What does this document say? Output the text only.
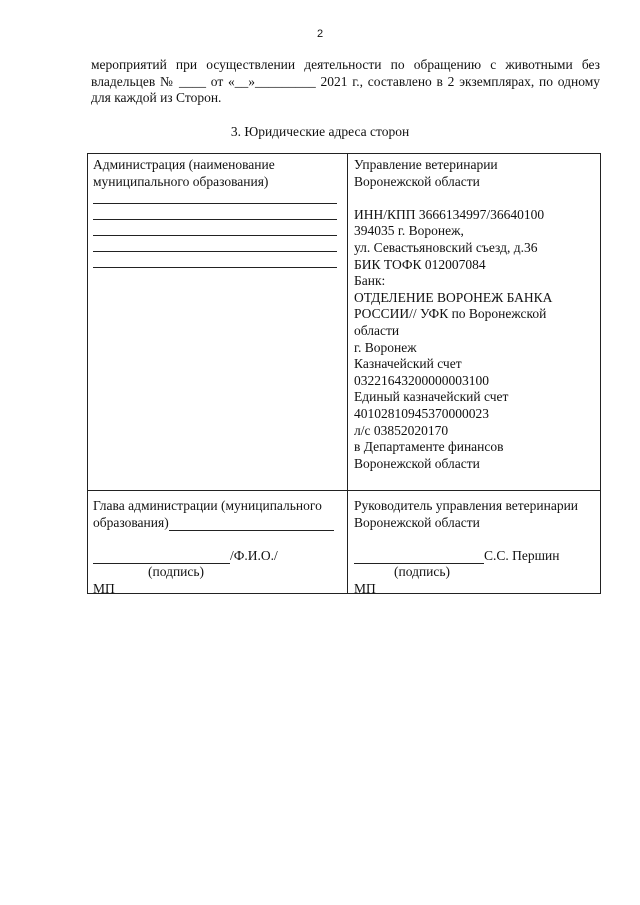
2
мероприятий при осуществлении деятельности по обращению с животными без
владельцев № ____ от «__»_________ 2021 г., составлено в 2 экземплярах, по одному
для каждой из Сторон.
3. Юридические адреса сторон
Администрация (наименование
муниципального образования)
Управление ветеринарии
Воронежской области
ИНН/КПП 3666134997/36640100
394035 г. Воронеж,
ул. Севастьяновский съезд, д.36
БИК ТОФК 012007084
Банк:
ОТДЕЛЕНИЕ ВОРОНЕЖ БАНКА
РОССИИ// УФК по Воронежской
области
г. Воронеж
Казначейский счет
03221643200000003100
Единый казначейский счет
40102810945370000023
л/с 03852020170
в Департаменте финансов
Воронежской области
Глава администрации (муниципального
образования)
/Ф.И.О./
(подпись)
МП
Руководитель управления ветеринарии
Воронежской области
С.С. Першин
(подпись)
МП
